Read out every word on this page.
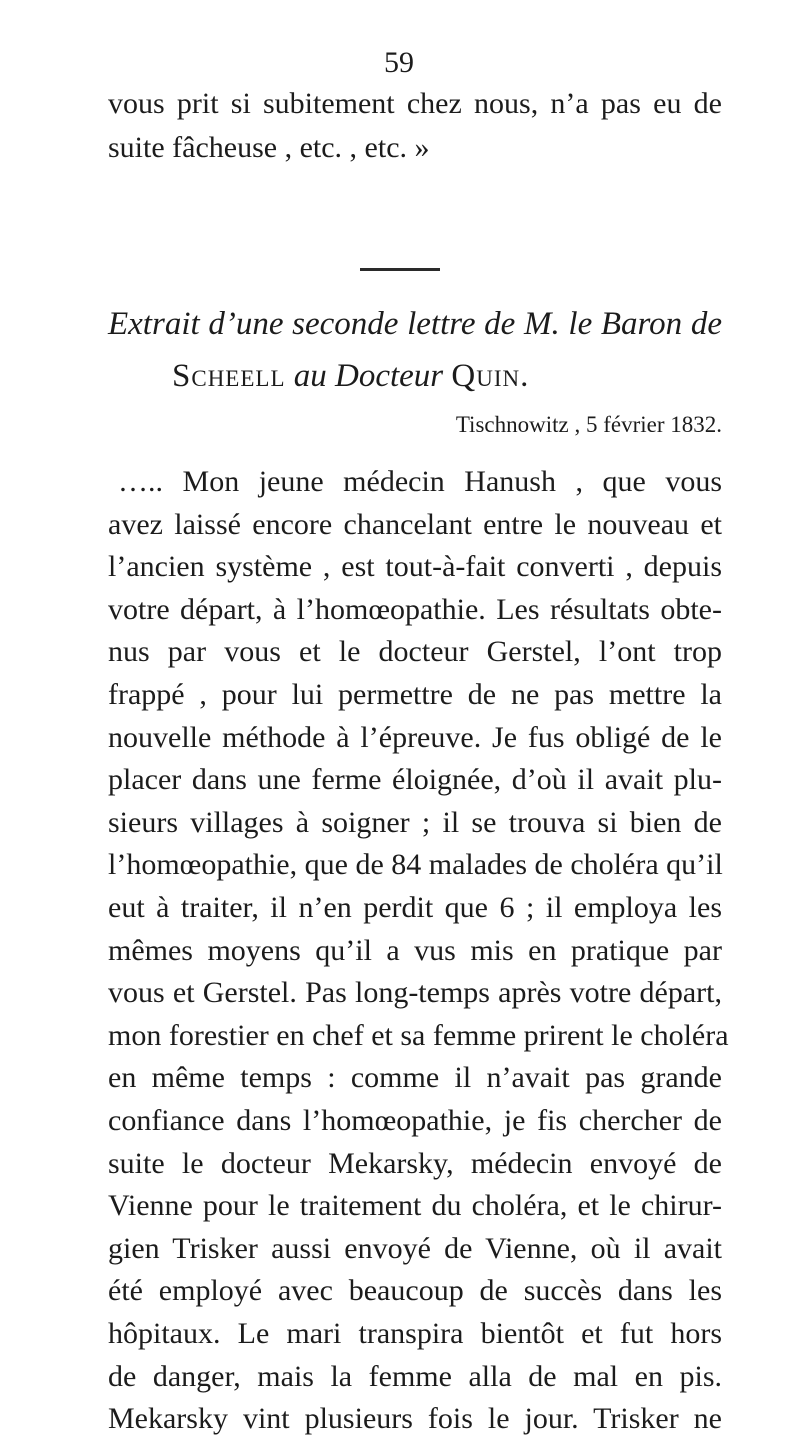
59
vous prit si subitement chez nous, n’a pas eu de
suite fâcheuse , etc. , etc. »
Extrait d’une seconde lettre de M. le Baron de
Scheell au Docteur Quin.
Tischnowitz , 5 février 1832.
….. Mon jeune médecin Hanush , que vous
avez laissé encore chancelant entre le nouveau et
l’ancien système , est tout-à-fait converti , depuis
votre départ, à l’homœopathie. Les résultats obte-
nus par vous et le docteur Gerstel, l’ont trop
frappé , pour lui permettre de ne pas mettre la
nouvelle méthode à l’épreuve. Je fus obligé de le
placer dans une ferme éloignée, d’où il avait plu-
sieurs villages à soigner ; il se trouva si bien de
l’homœopathie, que de 84 malades de choléra qu’il
eut à traiter, il n’en perdit que 6 ; il employa les
mêmes moyens qu’il a vus mis en pratique par
vous et Gerstel. Pas long-temps après votre départ,
mon forestier en chef et sa femme prirent le choléra
en même temps : comme il n’avait pas grande
confiance dans l’homœopathie, je fis chercher de
suite le docteur Mekarsky, médecin envoyé de
Vienne pour le traitement du choléra, et le chirur-
gien Trisker aussi envoyé de Vienne, où il avait
été employé avec beaucoup de succès dans les
hôpitaux. Le mari transpira bientôt et fut hors
de danger, mais la femme alla de mal en pis.
Mekarsky vint plusieurs fois le jour. Trisker ne
